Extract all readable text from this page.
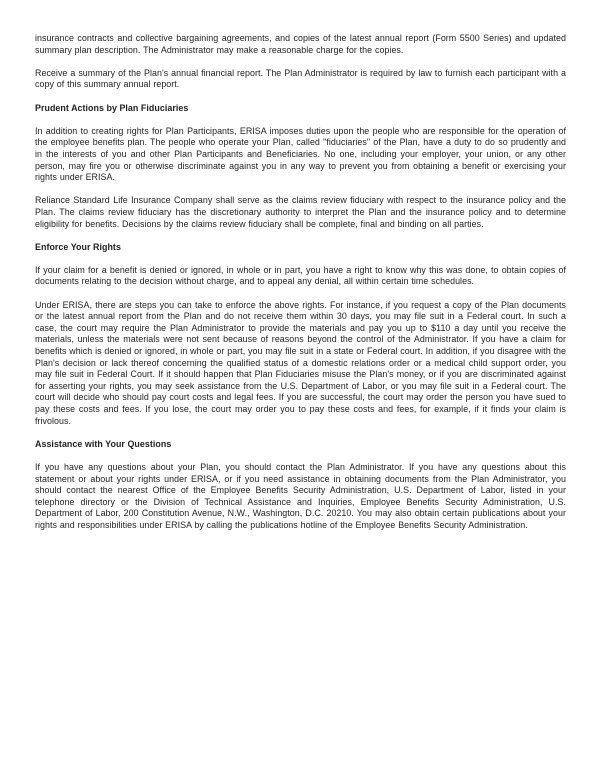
insurance contracts and collective bargaining agreements, and copies of the latest annual report (Form 5500 Series) and updated summary plan description. The Administrator may make a reasonable charge for the copies.

Receive a summary of the Plan's annual financial report. The Plan Administrator is required by law to furnish each participant with a copy of this summary annual report.

Prudent Actions by Plan Fiduciaries

In addition to creating rights for Plan Participants, ERISA imposes duties upon the people who are responsible for the operation of the employee benefits plan. The people who operate your Plan, called "fiduciaries" of the Plan, have a duty to do so prudently and in the interests of you and other Plan Participants and Beneficiaries. No one, including your employer, your union, or any other person, may fire you or otherwise discriminate against you in any way to prevent you from obtaining a benefit or exercising your rights under ERISA.

Reliance Standard Life Insurance Company shall serve as the claims review fiduciary with respect to the insurance policy and the Plan. The claims review fiduciary has the discretionary authority to interpret the Plan and the insurance policy and to determine eligibility for benefits. Decisions by the claims review fiduciary shall be complete, final and binding on all parties.

Enforce Your Rights

If your claim for a benefit is denied or ignored, in whole or in part, you have a right to know why this was done, to obtain copies of documents relating to the decision without charge, and to appeal any denial, all within certain time schedules.

Under ERISA, there are steps you can take to enforce the above rights. For instance, if you request a copy of the Plan documents or the latest annual report from the Plan and do not receive them within 30 days, you may file suit in a Federal court. In such a case, the court may require the Plan Administrator to provide the materials and pay you up to $110 a day until you receive the materials, unless the materials were not sent because of reasons beyond the control of the Administrator. If you have a claim for benefits which is denied or ignored, in whole or part, you may file suit in a state or Federal court. In addition, if you disagree with the Plan's decision or lack thereof concerning the qualified status of a domestic relations order or a medical child support order, you may file suit in Federal Court. If it should happen that Plan Fiduciaries misuse the Plan's money, or if you are discriminated against for asserting your rights, you may seek assistance from the U.S. Department of Labor, or you may file suit in a Federal court. The court will decide who should pay court costs and legal fees. If you are successful, the court may order the person you have sued to pay these costs and fees. If you lose, the court may order you to pay these costs and fees, for example, if it finds your claim is frivolous.

Assistance with Your Questions

If you have any questions about your Plan, you should contact the Plan Administrator. If you have any questions about this statement or about your rights under ERISA, or if you need assistance in obtaining documents from the Plan Administrator, you should contact the nearest Office of the Employee Benefits Security Administration, U.S. Department of Labor, listed in your telephone directory or the Division of Technical Assistance and Inquiries, Employee Benefits Security Administration, U.S. Department of Labor, 200 Constitution Avenue, N.W., Washington, D.C. 20210. You may also obtain certain publications about your rights and responsibilities under ERISA by calling the publications hotline of the Employee Benefits Security Administration.
